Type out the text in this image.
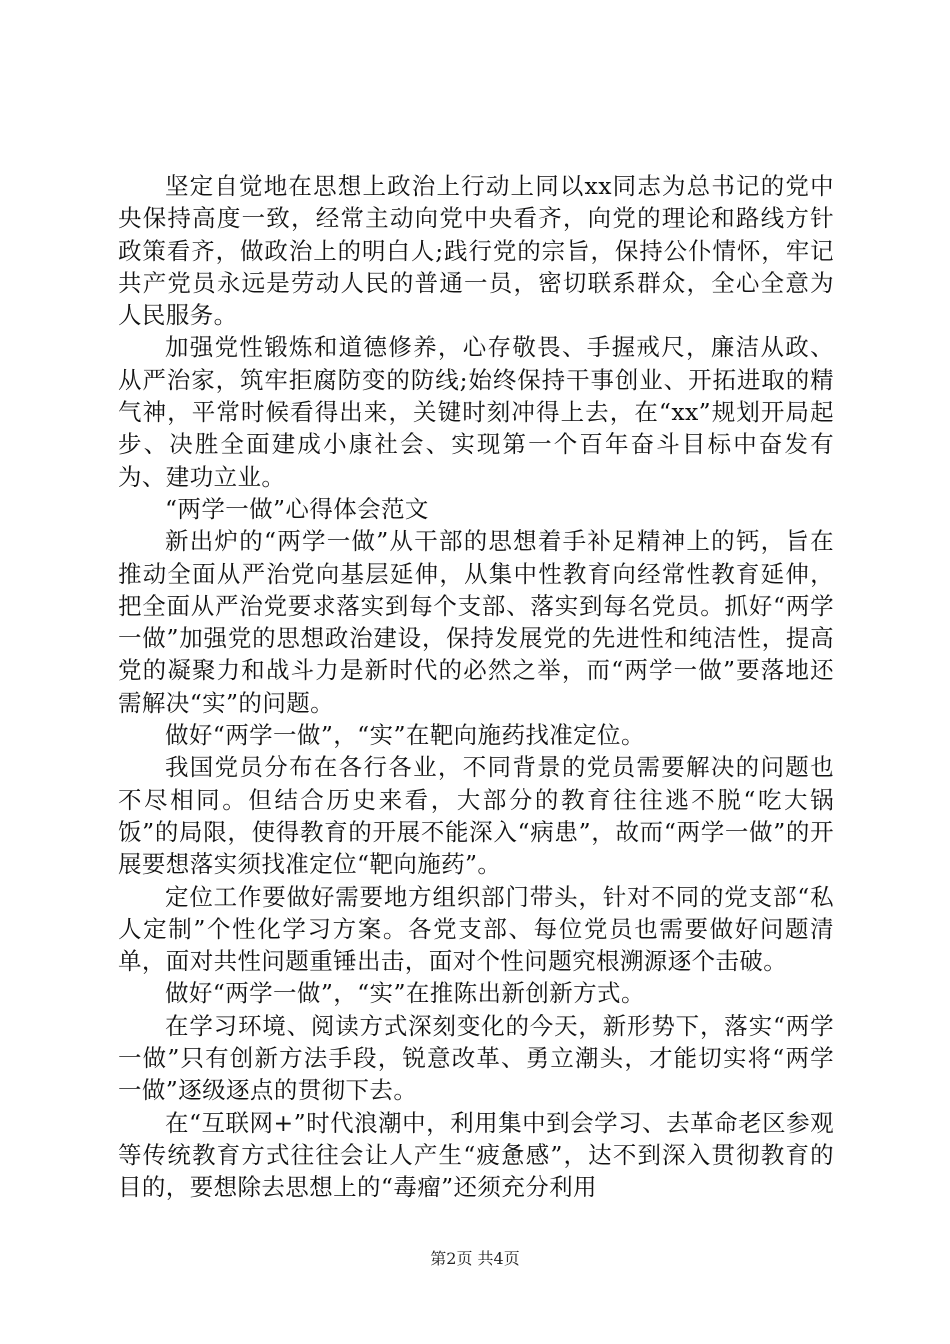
坚定自觉地在思想上政治上行动上同以xx同志为总书记的党中央保持高度一致，经常主动向党中央看齐，向党的理论和路线方针政策看齐，做政治上的明白人;践行党的宗旨，保持公仆情怀，牢记共产党员永远是劳动人民的普通一员，密切联系群众，全心全意为人民服务。

加强党性锻炼和道德修养，心存敬畏、手握戒尺，廉洁从政、从严治家，筑牢拒腐防变的防线;始终保持干事创业、开拓进取的精气神，平常时候看得出来，关键时刻冲得上去，在“xx”规划开局起步、决胜全面建成小康社会、实现第一个百年奋斗目标中奋发有为、建功立业。

“两学一做”心得体会范文

新出炉的“两学一做”从干部的思想着手补足精神上的钙，旨在推动全面从严治党向基层延伸，从集中性教育向经常性教育延伸，把全面从严治党要求落实到每个支部、落实到每名党员。抓好“两学一做”加强党的思想政治建设，保持发展党的先进性和纯洁性，提高党的凝聚力和战斗力是新时代的必然之举，而“两学一做”要落地还需解决“实”的问题。

做好“两学一做”，“实”在靶向施药找准定位。

我国党员分布在各行各业，不同背景的党员需要解决的问题也不尽相同。但结合历史来看，大部分的教育往往逃不脱“吃大锅饭”的局限，使得教育的开展不能深入“病患”，故而“两学一做”的开展要想落实须找准定位“靶向施药”。

定位工作要做好需要地方组织部门带头，针对不同的党支部“私人定制”个性化学习方案。各党支部、每位党员也需要做好问题清单，面对共性问题重锤出击，面对个性问题究根溯源逐个击破。

做好“两学一做”，“实”在推陈出新创新方式。

在学习环境、阅读方式深刻变化的今天，新形势下，落实“两学一做”只有创新方法手段，锐意改革、勇立潮头，才能切实将“两学一做”逐级逐点的贯彻下去。

在“互联网+”时代浪潮中，利用集中到会学习、去革命老区参观等传统教育方式往往会让人产生“疲惫感”，达不到深入贯彻教育的目的，要想除去思想上的“毒瘤”还须充分利用

第2页 共4页
